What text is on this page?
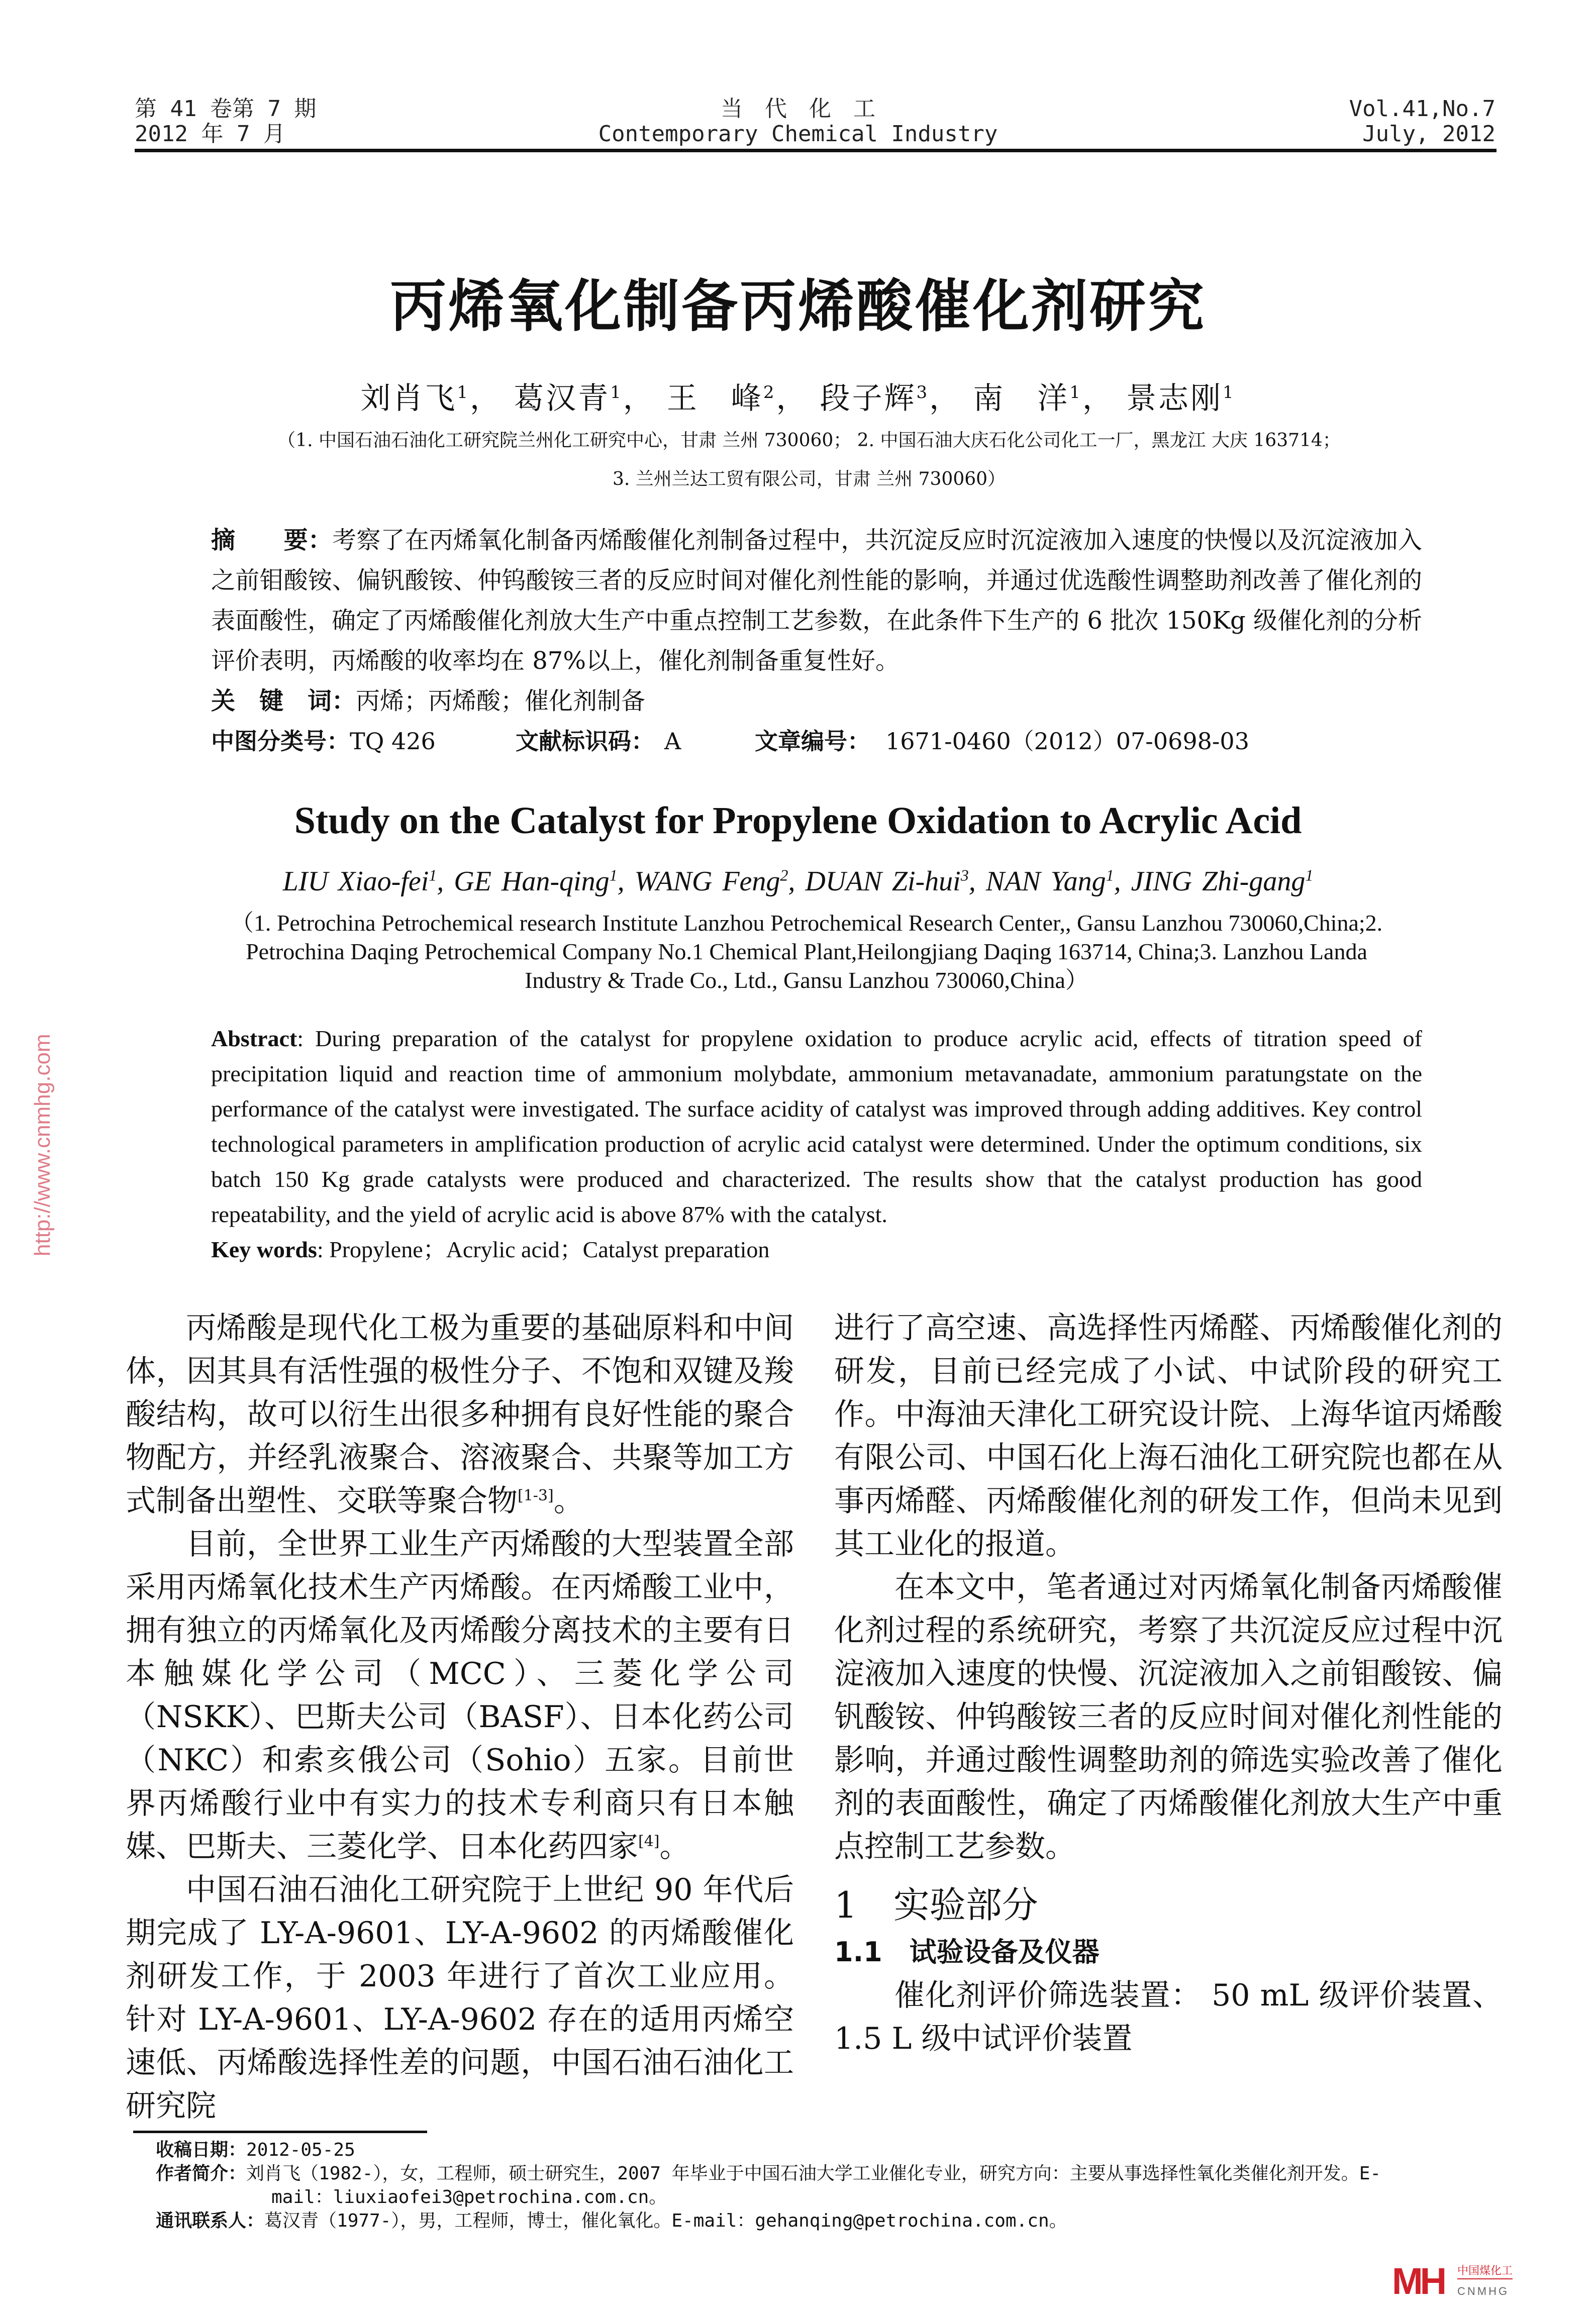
第 41 卷第 7 期
2012 年 7 月
当　代　化　工
Contemporary Chemical Industry
Vol.41,No.7
July, 2012
丙烯氧化制备丙烯酸催化剂研究
刘肖飞$^1$， 葛汉青$^1$， 王　峰$^2$， 段子辉$^3$， 南　洋$^1$， 景志刚$^1$
（1. 中国石油石油化工研究院兰州化工研究中心，甘肃 兰州 730060； 2. 中国石油大庆石化公司化工一厂，黑龙江 大庆 163714；
3. 兰州兰达工贸有限公司，甘肃 兰州 730060）
摘　　要：考察了在丙烯氧化制备丙烯酸催化剂制备过程中，共沉淀反应时沉淀液加入速度的快慢以及沉淀液加入之前钼酸铵、偏钒酸铵、仲钨酸铵三者的反应时间对催化剂性能的影响，并通过优选酸性调整助剂改善了催化剂的表面酸性，确定了丙烯酸催化剂放大生产中重点控制工艺参数，在此条件下生产的 6 批次 150Kg 级催化剂的分析评价表明，丙烯酸的收率均在 87%以上，催化剂制备重复性好。
关　键　词：丙烯；丙烯酸；催化剂制备
中图分类号：TQ 426	文献标识码： A	文章编号： 1671-0460（2012）07-0698-03
Study on the Catalyst for Propylene Oxidation to Acrylic Acid
LIU Xiao-fei$^1$, GE Han-qing$^1$, WANG Feng$^2$, DUAN Zi-hui$^3$, NAN Yang$^1$, JING Zhi-gang$^1$
（1. Petrochina Petrochemical research Institute Lanzhou Petrochemical Research Center,, Gansu Lanzhou 730060,China;2. Petrochina Daqing Petrochemical Company No.1 Chemical Plant,Heilongjiang Daqing 163714, China;3. Lanzhou Landa Industry & Trade Co., Ltd., Gansu Lanzhou 730060,China）
Abstract: During preparation of the catalyst for propylene oxidation to produce acrylic acid, effects of titration speed of precipitation liquid and reaction time of ammonium molybdate, ammonium metavanadate, ammonium paratungstate on the performance of the catalyst were investigated. The surface acidity of catalyst was improved through adding additives. Key control technological parameters in amplification production of acrylic acid catalyst were determined. Under the optimum conditions, six batch 150 Kg grade catalysts were produced and characterized. The results show that the catalyst production has good repeatability, and the yield of acrylic acid is above 87% with the catalyst.
Key words: Propylene；Acrylic acid；Catalyst preparation
http://www.cnmhg.com

丙烯酸是现代化工极为重要的基础原料和中间体，因其具有活性强的极性分子、不饱和双键及羧酸结构，故可以衍生出很多种拥有良好性能的聚合物配方，并经乳液聚合、溶液聚合、共聚等加工方式制备出塑性、交联等聚合物[1-3]。

目前，全世界工业生产丙烯酸的大型装置全部采用丙烯氧化技术生产丙烯酸。在丙烯酸工业中，拥有独立的丙烯氧化及丙烯酸分离技术的主要有日本触媒化学公司（MCC）、三菱化学公司（NSKK）、巴斯夫公司（BASF）、日本化药公司（NKC）和索亥俄公司（Sohio）五家。目前世界丙烯酸行业中有实力的技术专利商只有日本触媒、巴斯夫、三菱化学、日本化药四家[4]。

中国石油石油化工研究院于上世纪 90 年代后期完成了 LY-A-9601、LY-A-9602 的丙烯酸催化剂研发工作，于 2003 年进行了首次工业应用。针对 LY-A-9601、LY-A-9602 存在的适用丙烯空速低、丙烯酸选择性差的问题，中国石油石油化工研究院

进行了高空速、高选择性丙烯醛、丙烯酸催化剂的研发，目前已经完成了小试、中试阶段的研究工作。中海油天津化工研究设计院、上海华谊丙烯酸有限公司、中国石化上海石油化工研究院也都在从事丙烯醛、丙烯酸催化剂的研发工作，但尚未见到其工业化的报道。

在本文中，笔者通过对丙烯氧化制备丙烯酸催化剂过程的系统研究，考察了共沉淀反应过程中沉淀液加入速度的快慢、沉淀液加入之前钼酸铵、偏钒酸铵、仲钨酸铵三者的反应时间对催化剂性能的影响，并通过酸性调整助剂的筛选实验改善了催化剂的表面酸性，确定了丙烯酸催化剂放大生产中重点控制工艺参数。

1　实验部分
1.1　试验设备及仪器

催化剂评价筛选装置： 50 mL 级评价装置、1.5 L 级中试评价装置

收稿日期：2012-05-25
作者简介：刘肖飞（1982-），女，工程师，硕士研究生，2007 年毕业于中国石油大学工业催化专业，研究方向：主要从事选择性氧化类催化剂开发。E-mail：liuxiaofei3@petrochina.com.cn。
通讯联系人：葛汉青（1977-），男，工程师，博士，催化氧化。E-mail：gehanqing@petrochina.com.cn。
MH 中国煤化工
CNMHG
